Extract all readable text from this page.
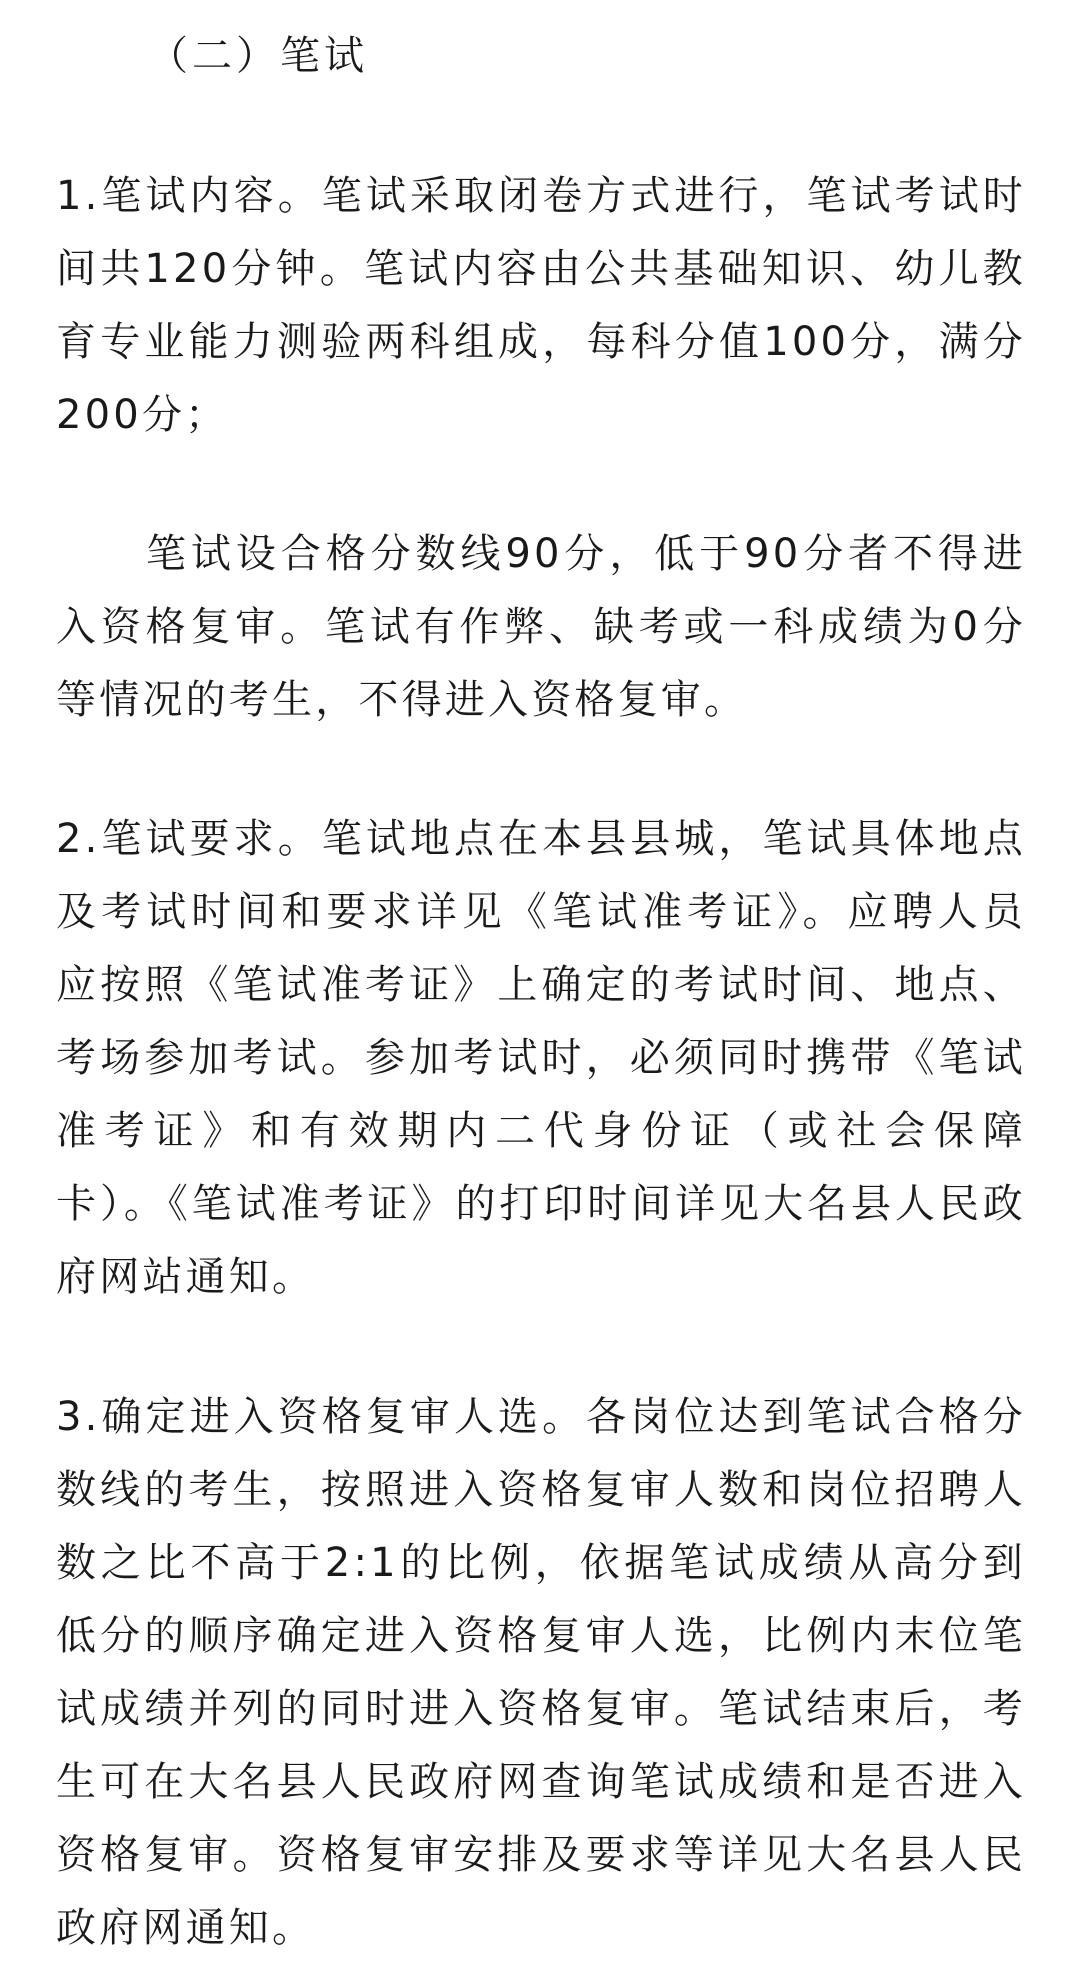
（二）笔试

1.笔试内容。笔试采取闭卷方式进行，笔试考试时间共120分钟。笔试内容由公共基础知识、幼儿教育专业能力测验两科组成，每科分值100分，满分200分；

笔试设合格分数线90分，低于90分者不得进入资格复审。笔试有作弊、缺考或一科成绩为0分等情况的考生，不得进入资格复审。

2.笔试要求。笔试地点在本县县城，笔试具体地点及考试时间和要求详见《笔试准考证》。应聘人员应按照《笔试准考证》上确定的考试时间、地点、考场参加考试。参加考试时，必须同时携带《笔试准考证》和有效期内二代身份证（或社会保障卡）。《笔试准考证》的打印时间详见大名县人民政府网站通知。

3.确定进入资格复审人选。各岗位达到笔试合格分数线的考生，按照进入资格复审人数和岗位招聘人数之比不高于2:1的比例，依据笔试成绩从高分到低分的顺序确定进入资格复审人选，比例内末位笔试成绩并列的同时进入资格复审。笔试结束后，考生可在大名县人民政府网查询笔试成绩和是否进入资格复审。资格复审安排及要求等详见大名县人民政府网通知。
